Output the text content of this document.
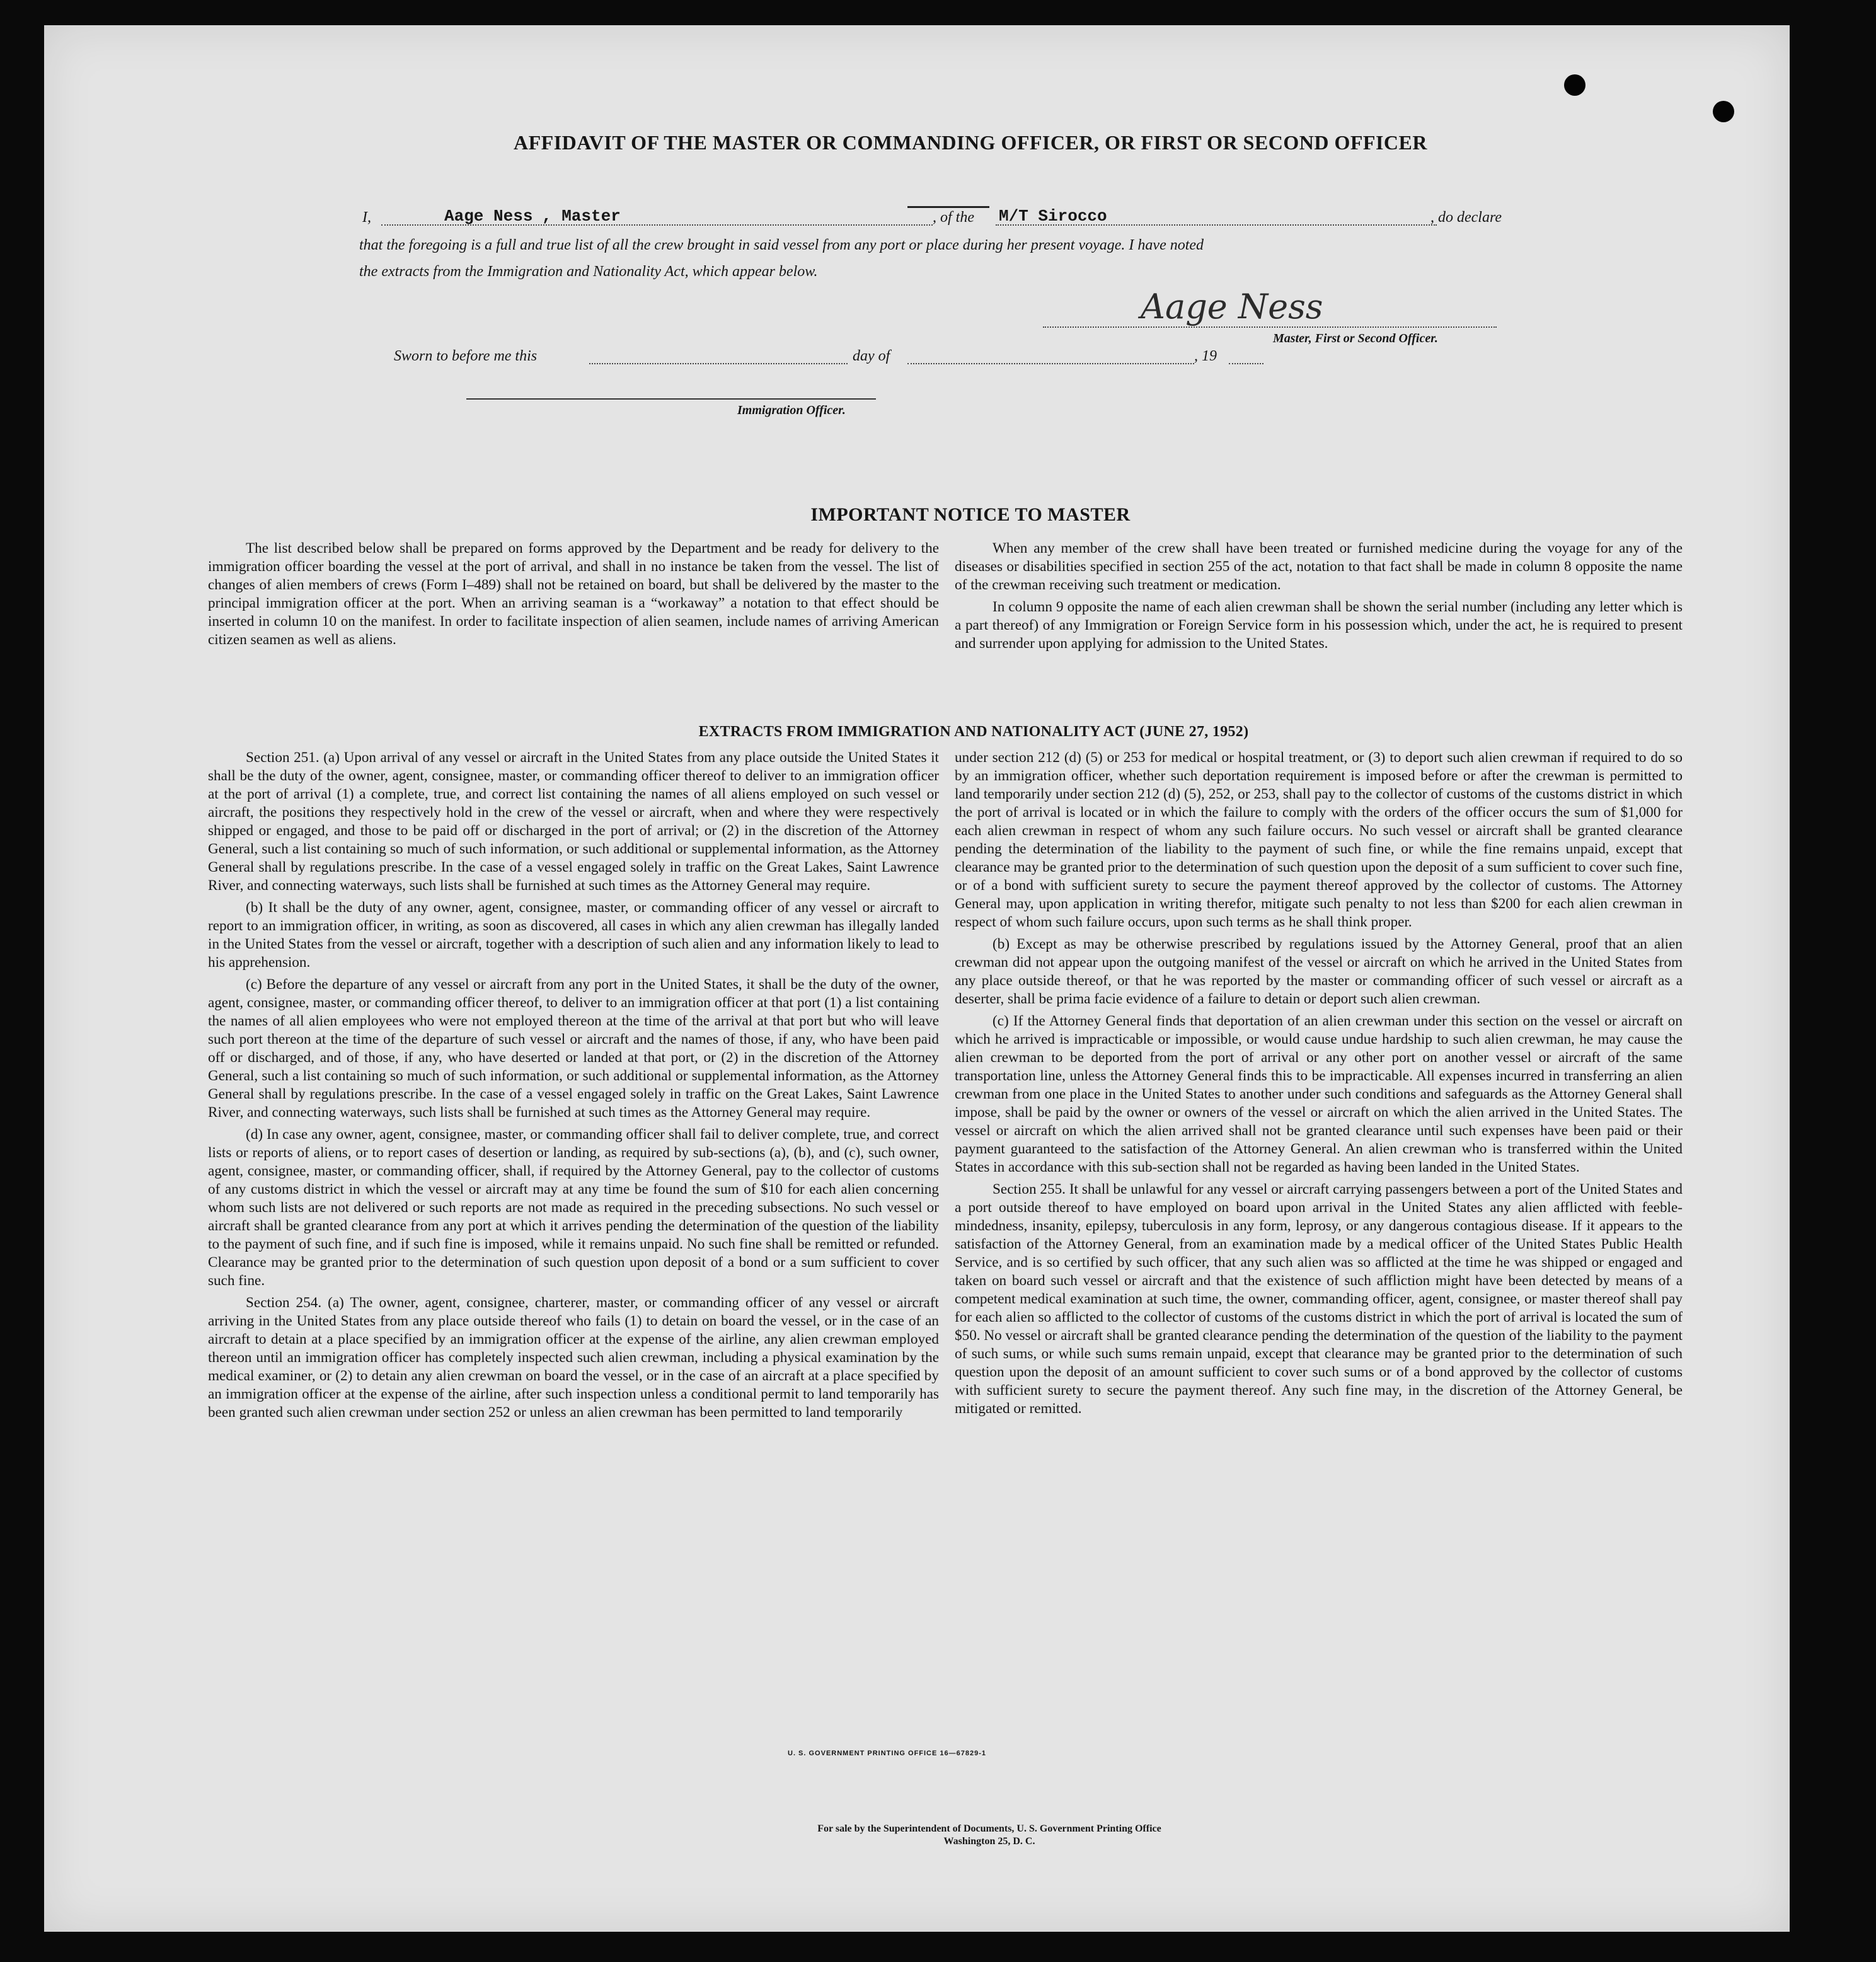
AFFIDAVIT OF THE MASTER OR COMMANDING OFFICER, OR FIRST OR SECOND OFFICER
I,	Aage Ness , Master	, of the M/T Sirocco	, do declare
that the foregoing is a full and true list of all the crew brought in said vessel from any port or place during her present voyage. I have noted
the extracts from the Immigration and Nationality Act, which appear below.
Aage Ness
Master, First or Second Officer.
Sworn to before me this	day of	, 19
Immigration Officer.
IMPORTANT NOTICE TO MASTER

The list described below shall be prepared on forms approved by the Department and be ready for delivery to the immigration officer boarding the vessel at the port of arrival, and shall in no instance be taken from the vessel. The list of changes of alien members of crews (Form I–489) shall not be retained on board, but shall be delivered by the master to the principal immigration officer at the port. When an arriving seaman is a “workaway” a notation to that effect should be inserted in column 10 on the manifest. In order to facilitate inspection of alien seamen, include names of arriving American citizen seamen as well as aliens.

When any member of the crew shall have been treated or furnished medicine during the voyage for any of the diseases or disabilities specified in section 255 of the act, notation to that fact shall be made in column 8 opposite the name of the crewman receiving such treatment or medication.

In column 9 opposite the name of each alien crewman shall be shown the serial number (including any letter which is a part thereof) of any Immigration or Foreign Service form in his possession which, under the act, he is required to present and surrender upon applying for admission to the United States.

EXTRACTS FROM IMMIGRATION AND NATIONALITY ACT (JUNE 27, 1952)

Section 251. (a) Upon arrival of any vessel or aircraft in the United States from any place outside the United States it shall be the duty of the owner, agent, consignee, master, or commanding officer thereof to deliver to an immigration officer at the port of arrival (1) a complete, true, and correct list containing the names of all aliens employed on such vessel or aircraft, the positions they respectively hold in the crew of the vessel or aircraft, when and where they were respectively shipped or engaged, and those to be paid off or discharged in the port of arrival; or (2) in the discretion of the Attorney General, such a list containing so much of such information, or such additional or supplemental information, as the Attorney General shall by regulations prescribe. In the case of a vessel engaged solely in traffic on the Great Lakes, Saint Lawrence River, and connecting waterways, such lists shall be furnished at such times as the Attorney General may require.

(b) It shall be the duty of any owner, agent, consignee, master, or commanding officer of any vessel or aircraft to report to an immigration officer, in writing, as soon as discovered, all cases in which any alien crewman has illegally landed in the United States from the vessel or aircraft, together with a description of such alien and any information likely to lead to his apprehension.

(c) Before the departure of any vessel or aircraft from any port in the United States, it shall be the duty of the owner, agent, consignee, master, or commanding officer thereof, to deliver to an immigration officer at that port (1) a list containing the names of all alien employees who were not employed thereon at the time of the arrival at that port but who will leave such port thereon at the time of the departure of such vessel or aircraft and the names of those, if any, who have been paid off or discharged, and of those, if any, who have deserted or landed at that port, or (2) in the discretion of the Attorney General, such a list containing so much of such information, or such additional or supplemental information, as the Attorney General shall by regulations prescribe. In the case of a vessel engaged solely in traffic on the Great Lakes, Saint Lawrence River, and connecting waterways, such lists shall be furnished at such times as the Attorney General may require.

(d) In case any owner, agent, consignee, master, or commanding officer shall fail to deliver complete, true, and correct lists or reports of aliens, or to report cases of desertion or landing, as required by sub-sections (a), (b), and (c), such owner, agent, consignee, master, or commanding officer, shall, if required by the Attorney General, pay to the collector of customs of any customs district in which the vessel or aircraft may at any time be found the sum of $10 for each alien concerning whom such lists are not delivered or such reports are not made as required in the preceding subsections. No such vessel or aircraft shall be granted clearance from any port at which it arrives pending the determination of the question of the liability to the payment of such fine, and if such fine is imposed, while it remains unpaid. No such fine shall be remitted or refunded. Clearance may be granted prior to the determination of such question upon deposit of a bond or a sum sufficient to cover such fine.

Section 254. (a) The owner, agent, consignee, charterer, master, or commanding officer of any vessel or aircraft arriving in the United States from any place outside thereof who fails (1) to detain on board the vessel, or in the case of an aircraft to detain at a place specified by an immigration officer at the expense of the airline, any alien crewman employed thereon until an immigration officer has completely inspected such alien crewman, including a physical examination by the medical examiner, or (2) to detain any alien crewman on board the vessel, or in the case of an aircraft at a place specified by an immigration officer at the expense of the airline, after such inspection unless a conditional permit to land temporarily has been granted such alien crewman under section 252 or unless an alien crewman has been permitted to land temporarily

under section 212 (d) (5) or 253 for medical or hospital treatment, or (3) to deport such alien crewman if required to do so by an immigration officer, whether such deportation requirement is imposed before or after the crewman is permitted to land temporarily under section 212 (d) (5), 252, or 253, shall pay to the collector of customs of the customs district in which the port of arrival is located or in which the failure to comply with the orders of the officer occurs the sum of $1,000 for each alien crewman in respect of whom any such failure occurs. No such vessel or aircraft shall be granted clearance pending the determination of the liability to the payment of such fine, or while the fine remains unpaid, except that clearance may be granted prior to the determination of such question upon the deposit of a sum sufficient to cover such fine, or of a bond with sufficient surety to secure the payment thereof approved by the collector of customs. The Attorney General may, upon application in writing therefor, mitigate such penalty to not less than $200 for each alien crewman in respect of whom such failure occurs, upon such terms as he shall think proper.

(b) Except as may be otherwise prescribed by regulations issued by the Attorney General, proof that an alien crewman did not appear upon the outgoing manifest of the vessel or aircraft on which he arrived in the United States from any place outside thereof, or that he was reported by the master or commanding officer of such vessel or aircraft as a deserter, shall be prima facie evidence of a failure to detain or deport such alien crewman.

(c) If the Attorney General finds that deportation of an alien crewman under this section on the vessel or aircraft on which he arrived is impracticable or impossible, or would cause undue hardship to such alien crewman, he may cause the alien crewman to be deported from the port of arrival or any other port on another vessel or aircraft of the same transportation line, unless the Attorney General finds this to be impracticable. All expenses incurred in transferring an alien crewman from one place in the United States to another under such conditions and safeguards as the Attorney General shall impose, shall be paid by the owner or owners of the vessel or aircraft on which the alien arrived in the United States. The vessel or aircraft on which the alien arrived shall not be granted clearance until such expenses have been paid or their payment guaranteed to the satisfaction of the Attorney General. An alien crewman who is transferred within the United States in accordance with this sub-section shall not be regarded as having been landed in the United States.

Section 255. It shall be unlawful for any vessel or aircraft carrying passengers between a port of the United States and a port outside thereof to have employed on board upon arrival in the United States any alien afflicted with feeble-mindedness, insanity, epilepsy, tuberculosis in any form, leprosy, or any dangerous contagious disease. If it appears to the satisfaction of the Attorney General, from an examination made by a medical officer of the United States Public Health Service, and is so certified by such officer, that any such alien was so afflicted at the time he was shipped or engaged and taken on board such vessel or aircraft and that the existence of such affliction might have been detected by means of a competent medical examination at such time, the owner, commanding officer, agent, consignee, or master thereof shall pay for each alien so afflicted to the collector of customs of the customs district in which the port of arrival is located the sum of $50. No vessel or aircraft shall be granted clearance pending the determination of the question of the liability to the payment of such sums, or while such sums remain unpaid, except that clearance may be granted prior to the determination of such question upon the deposit of an amount sufficient to cover such sums or of a bond approved by the collector of customs with sufficient surety to secure the payment thereof. Any such fine may, in the discretion of the Attorney General, be mitigated or remitted.

U. S. GOVERNMENT PRINTING OFFICE 16—67829-1
For sale by the Superintendent of Documents, U. S. Government Printing Office
Washington 25, D. C.
